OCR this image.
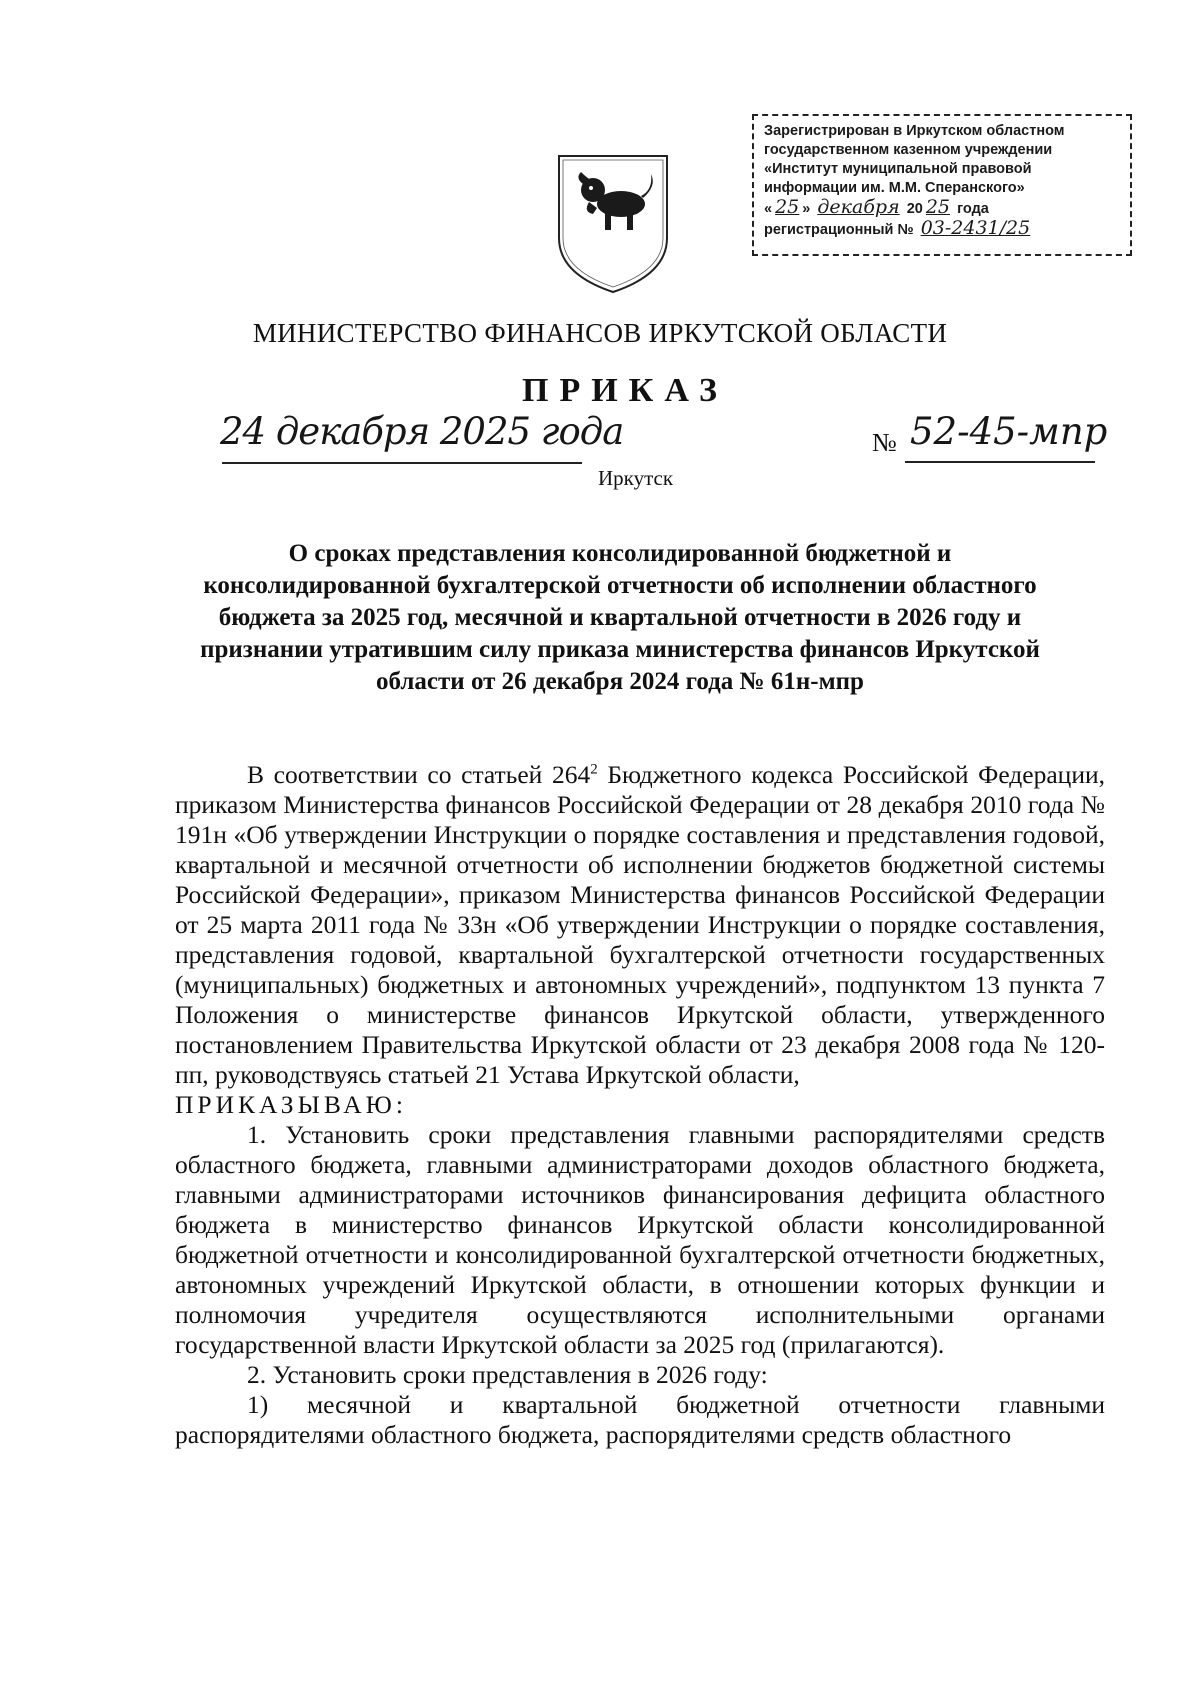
Зарегистрирован в Иркутском областном
государственном казенном учреждении
«Институт муниципальной правовой
информации им. М.М. Сперанского»
« 25 » декабря 20 25 года
регистрационный № 03-2431/25
МИНИСТЕРСТВО ФИНАНСОВ ИРКУТСКОЙ ОБЛАСТИ
ПРИКАЗ
24 декабря 2025 года	№ 52-45-мпр
Иркутск
О сроках представления консолидированной бюджетной и
консолидированной бухгалтерской отчетности об исполнении областного
бюджета за 2025 год, месячной и квартальной отчетности в 2026 году и
признании утратившим силу приказа министерства финансов Иркутской
области от 26 декабря 2024 года № 61н-мпр

В соответствии со статьей $264^2$ Бюджетного кодекса Российской Федерации, приказом Министерства финансов Российской Федерации от 28 декабря 2010 года № 191н «Об утверждении Инструкции о порядке составления и представления годовой, квартальной и месячной отчетности об исполнении бюджетов бюджетной системы Российской Федерации», приказом Министерства финансов Российской Федерации от 25 марта 2011 года № 33н «Об утверждении Инструкции о порядке составления, представления годовой, квартальной бухгалтерской отчетности государственных (муниципальных) бюджетных и автономных учреждений», подпунктом 13 пункта 7 Положения о министерстве финансов Иркутской области, утвержденного постановлением Правительства Иркутской области от 23 декабря 2008 года № 120-пп, руководствуясь статьей 21 Устава Иркутской области,

ПРИКАЗЫВАЮ:

1. Установить сроки представления главными распорядителями средств областного бюджета, главными администраторами доходов областного бюджета, главными администраторами источников финансирования дефицита областного бюджета в министерство финансов Иркутской области консолидированной бюджетной отчетности и консолидированной бухгалтерской отчетности бюджетных, автономных учреждений Иркутской области, в отношении которых функции и полномочия учредителя осуществляются исполнительными органами государственной власти Иркутской области за 2025 год (прилагаются).

2. Установить сроки представления в 2026 году:

1) месячной и квартальной бюджетной отчетности главными распорядителями областного бюджета, распорядителями средств областного
